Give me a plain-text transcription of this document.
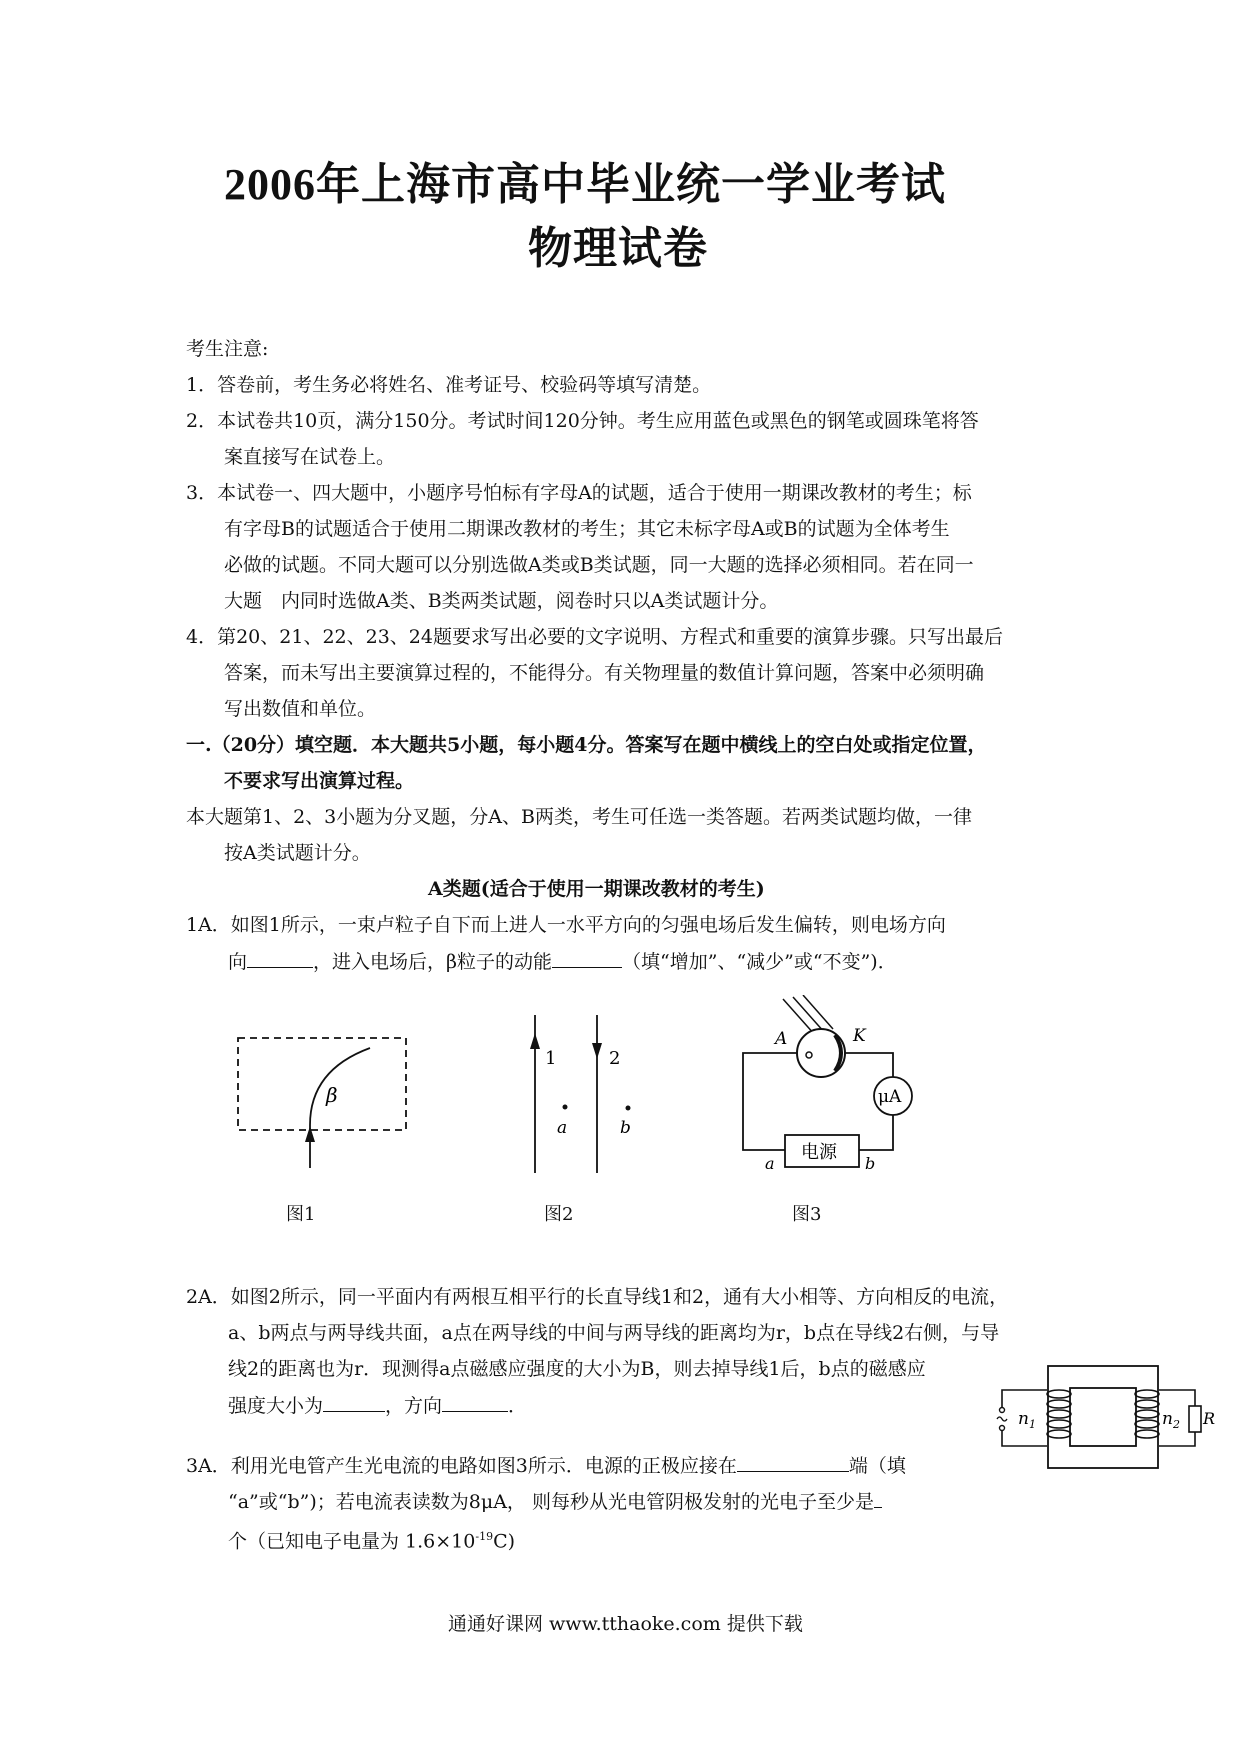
2006年上海市高中毕业统一学业考试
物理试卷
考生注意:
1．答卷前，考生务必将姓名、准考证号、校验码等填写清楚。
2．本试卷共10页，满分150分。考试时间120分钟。考生应用蓝色或黑色的钢笔或圆珠笔将答
案直接写在试卷上。
3．本试卷一、四大题中，小题序号怕标有字母A的试题，适合于使用一期课改教材的考生；标
有字母B的试题适合于使用二期课改教材的考生；其它未标字母A或B的试题为全体考生
必做的试题。不同大题可以分别选做A类或B类试题，同一大题的选择必须相同。若在同一
大题　内同时选做A类、B类两类试题，阅卷时只以A类试题计分。
4．第20、21、22、23、24题要求写出必要的文字说明、方程式和重要的演算步骤。只写出最后
答案，而未写出主要演算过程的，不能得分。有关物理量的数值计算问题，答案中必须明确
写出数值和单位。
一.（20分）填空题．本大题共5小题，每小题4分。答案写在题中横线上的空白处或指定位置，
不要求写出演算过程。
本大题第1、2、3小题为分叉题，分A、B两类，考生可任选一类答题。若两类试题均做，一律
按A类试题计分。
A类题(适合于使用一期课改教材的考生)
1A．如图1所示，一束卢粒子自下而上进人一水平方向的匀强电场后发生偏转，则电场方向
向	，进入电场后，β粒子的动能	（填“增加”、“减少”或“不变”)．
β
图1
1	2
a	b
图2
A	K
μA
电源
a	b
图3
2A．如图2所示，同一平面内有两根互相平行的长直导线1和2，通有大小相等、方向相反的电流，
a、b两点与两导线共面，a点在两导线的中间与两导线的距离均为r，b点在导线2右侧，与导
线2的距离也为r．现测得a点磁感应强度的大小为B，则去掉导线1后，b点的磁感应
强度大小为	，方向	．
$n_1$	$n_2$ R
3A．利用光电管产生光电流的电路如图3所示．电源的正极应接在	端（填
“a”或“b”)；若电流表读数为8μA， 则每秒从光电管阴极发射的光电子至少是
个（已知电子电量为 $1.6\times 10^{-19}C$)
通通好课网 www.tthaoke.com 提供下载
